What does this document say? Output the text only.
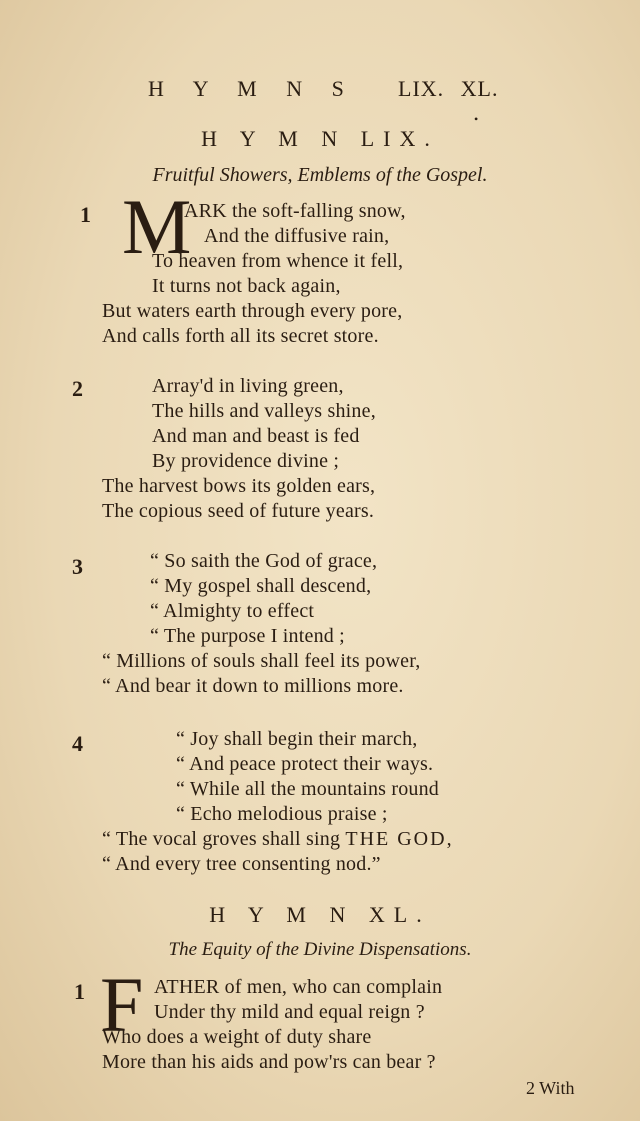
H Y M N S LIX. XL.
•
H Y M N LIX.
Fruitful Showers, Emblems of the Gospel.
1 M
ARK the soft-falling snow,
And the diffusive rain,
To heaven from whence it fell,
It turns not back again,
But waters earth through every pore,
And calls forth all its secret store.
2	Array'd in living green,
The hills and valleys shine,
And man and beast is fed
By providence divine ;
The harvest bows its golden ears,
The copious seed of future years.
3	“ So saith the God of grace,
“ My gospel shall descend,
“ Almighty to effect
“ The purpose I intend ;
“ Millions of souls shall feel its power,
“ And bear it down to millions more.
4	“ Joy shall begin their march,
“ And peace protect their ways.
“ While all the mountains round
“ Echo melodious praise ;
“ The vocal groves shall sing THE GOD,
“ And every tree consenting nod.”
H Y M N XL.
The Equity of the Divine Dispensations.
1 F ATHER of men, who can complain
Under thy mild and equal reign ?
Who does a weight of duty share
More than his aids and pow'rs can bear ?
2 With
